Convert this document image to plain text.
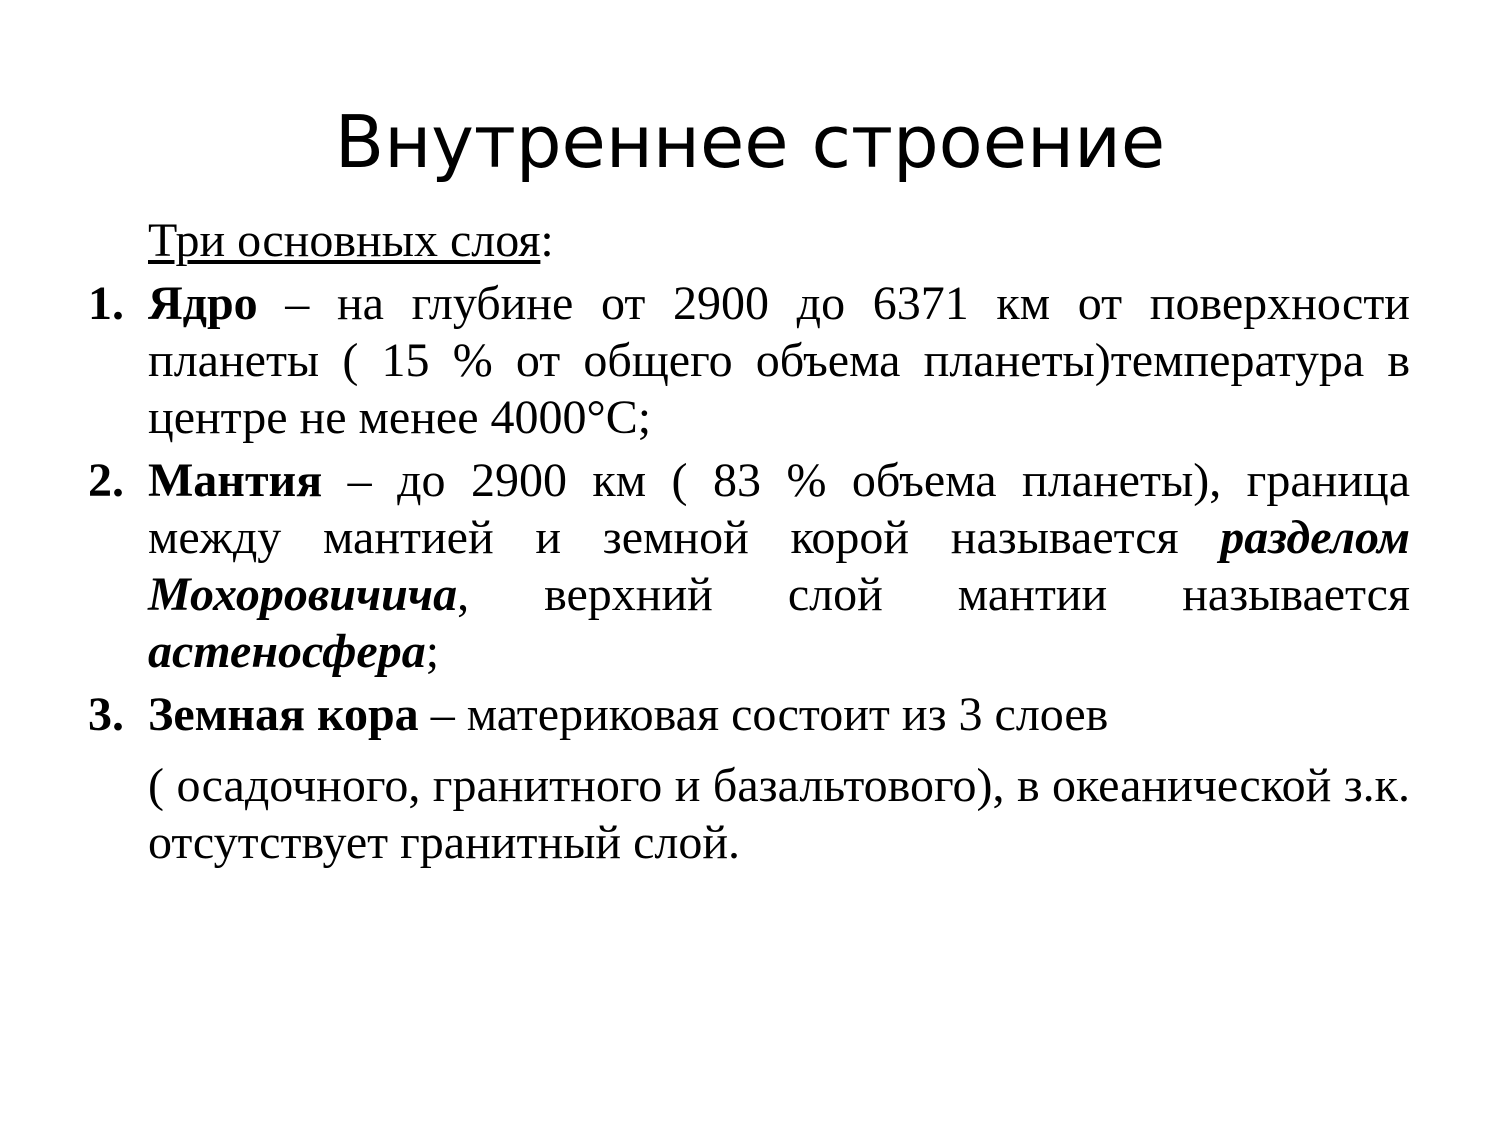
Внутреннее строение

Три основных слоя:

1. Ядро – на глубине от 2900 до 6371 км от поверхности планеты ( 15 % от общего объема планеты)температура в центре не менее 4000°С;
2. Мантия – до 2900 км ( 83 % объема планеты), граница между мантией и земной корой называется разделом Мохоровичича, верхний слой мантии называется астеносфера;
3. Земная кора – материковая состоит из 3 слоев
( осадочного, гранитного и базальтового), в океанической з.к. отсутствует гранитный слой.
